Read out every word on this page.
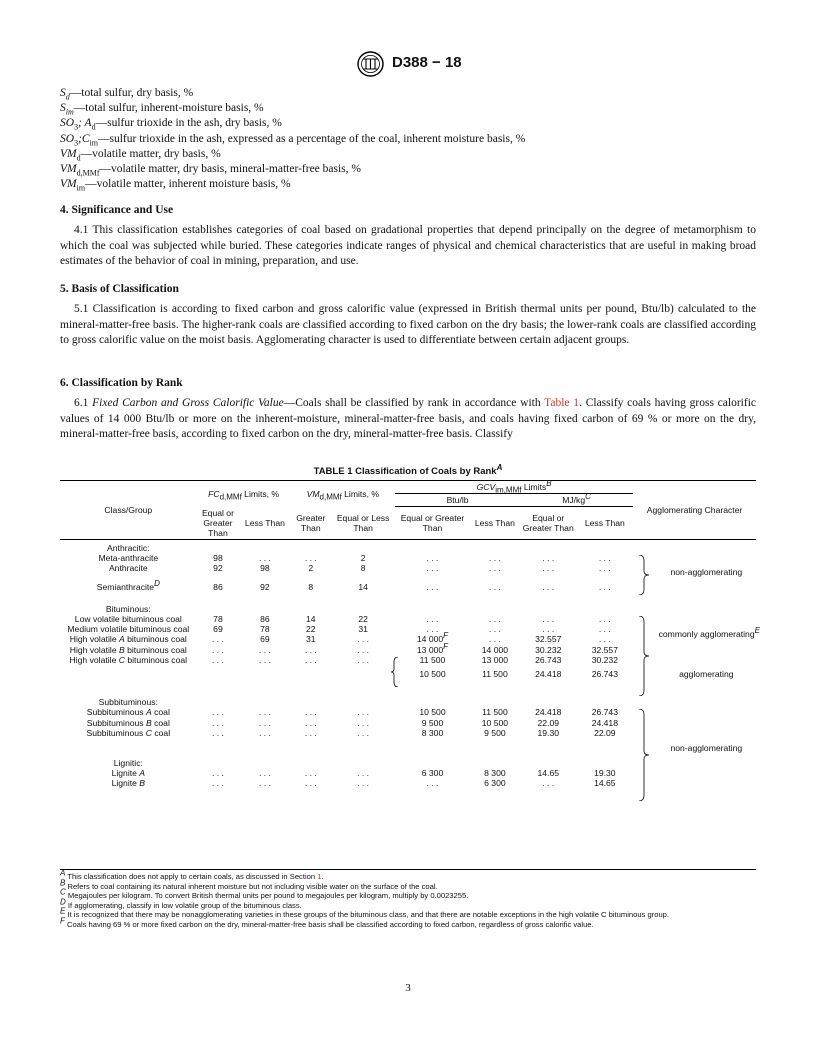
D388 − 18
$S_d—total$ sulfur, dry basis, %
$S_{im}—total$ sulfur, inherent-moisture basis, %
$SO_3$; $A_d—sulfur$ trioxide in the ash, dry basis, %
$SO_3;C_{im}—sulfur$ trioxide in the ash, expressed as a percentage of the coal, inherent moisture basis, %
$VM_d—volatile$ matter, dry basis, %
$VM_{d,MMf}—volatile$ matter, dry basis, mineral-matter-free basis, %
$VM_{im}—volatile$ matter, inherent moisture basis, %
4. Significance and Use

4.1 This classification establishes categories of coal based on gradational properties that depend principally on the degree of metamorphism to which the coal was subjected while buried. These categories indicate ranges of physical and chemical characteristics that are useful in making broad estimates of the behavior of coal in mining, preparation, and use.

5. Basis of Classification

5.1 Classification is according to fixed carbon and gross calorific value (expressed in British thermal units per pound, Btu/lb) calculated to the mineral-matter-free basis. The higher-rank coals are classified according to fixed carbon on the dry basis; the lower-rank coals are classified according to gross calorific value on the moist basis. Agglomerating character is used to differentiate between certain adjacent groups.

6. Classification by Rank

6.1 Fixed Carbon and Gross Calorific Value—Coals shall be classified by rank in accordance with Table 1. Classify coals having gross calorific values of 14 000 Btu/lb or more on the inherent-moisture, mineral-matter-free basis, and coals having fixed carbon of 69 % or more on the dry, mineral-matter-free basis, according to fixed carbon on the dry, mineral-matter-free basis. Classify

TABLE 1 Classification of Coals by Rank$^A$
Class/Group	$FC_{d,MMf}$ Limits, %		$VM_{d,MMf}$ Limits, %		$GCV_{im,MMf}$ Limits$^B$				Agglomerating Character	
					Btu/lb		$MJ/kg^C$
	Equal or Greater Than	Less Than	Greater Than	Equal or Less Than	Equal or Greater Than	Less Than	Equal or Greater Than	Less Than		

Anthracitic:										
Meta-anthracite	98	. . .	. . .	2	. . .	. . .	. . .	. . .		non-agglomerating
Anthracite	92	98	2	8	. . .	. . .	. . .	. . .		

Semianthracite$^D$	86	92	8	14	. . .	. . .	. . .	. . .		

Bituminous:										
Low volatile bituminous coal	78	86	14	22	. . .	. . .	. . .	. . .		commonly agglomerating$^E$
Medium volatile bituminous coal	69	78	22	31	. . .	. . .	. . .	. . .		
High volatile A bituminous coal	. . .	69	31	. . .	14 $000^F$	. . .	32.557	. . .		
High volatile B bituminous coal	. . .	. . .	. . .	. . .	13 $000^F$	14 000	30.232	32.557		
High volatile C bituminous coal	. . .	. . .	. . .	. . .	11 500	13 000	26.743	30.232		

					10 500	11 500	24.418	26.743		agglomerating

Subbituminous:										
Subbituminous A coal	. . .	. . .	. . .	. . .	10 500	11 500	24.418	26.743		non-agglomerating
Subbituminous B coal	. . .	. . .	. . .	. . .	9 500	10 500	22.09	24.418		
Subbituminous C coal	. . .	. . .	. . .	. . .	8 300	9 500	19.30	22.09		

Lignitic:										
Lignite A	. . .	. . .	. . .	. . .	6 300	8 300	14.65	19.30		
Lignite B	. . .	. . .	. . .	. . .	. . .	6 300	. . .	14.65		
$^A$ This classification does not apply to certain coals, as discussed in Section 1.
$^B$ Refers to coal containing its natural inherent moisture but not including visible water on the surface of the coal.
$^C$ Megajoules per kilogram. To convert British thermal units per pound to megajoules per kilogram, multiply by 0.0023255.
$^D$ If agglomerating, classify in low volatile group of the bituminous class.
$^E$ It is recognized that there may be nonagglomerating varieties in these groups of the bituminous class, and that there are notable exceptions in the high volatile C bituminous group.
$^F$ Coals having 69 % or more fixed carbon on the dry, mineral-matter-free basis shall be classified according to fixed carbon, regardless of gross calorific value.
3
